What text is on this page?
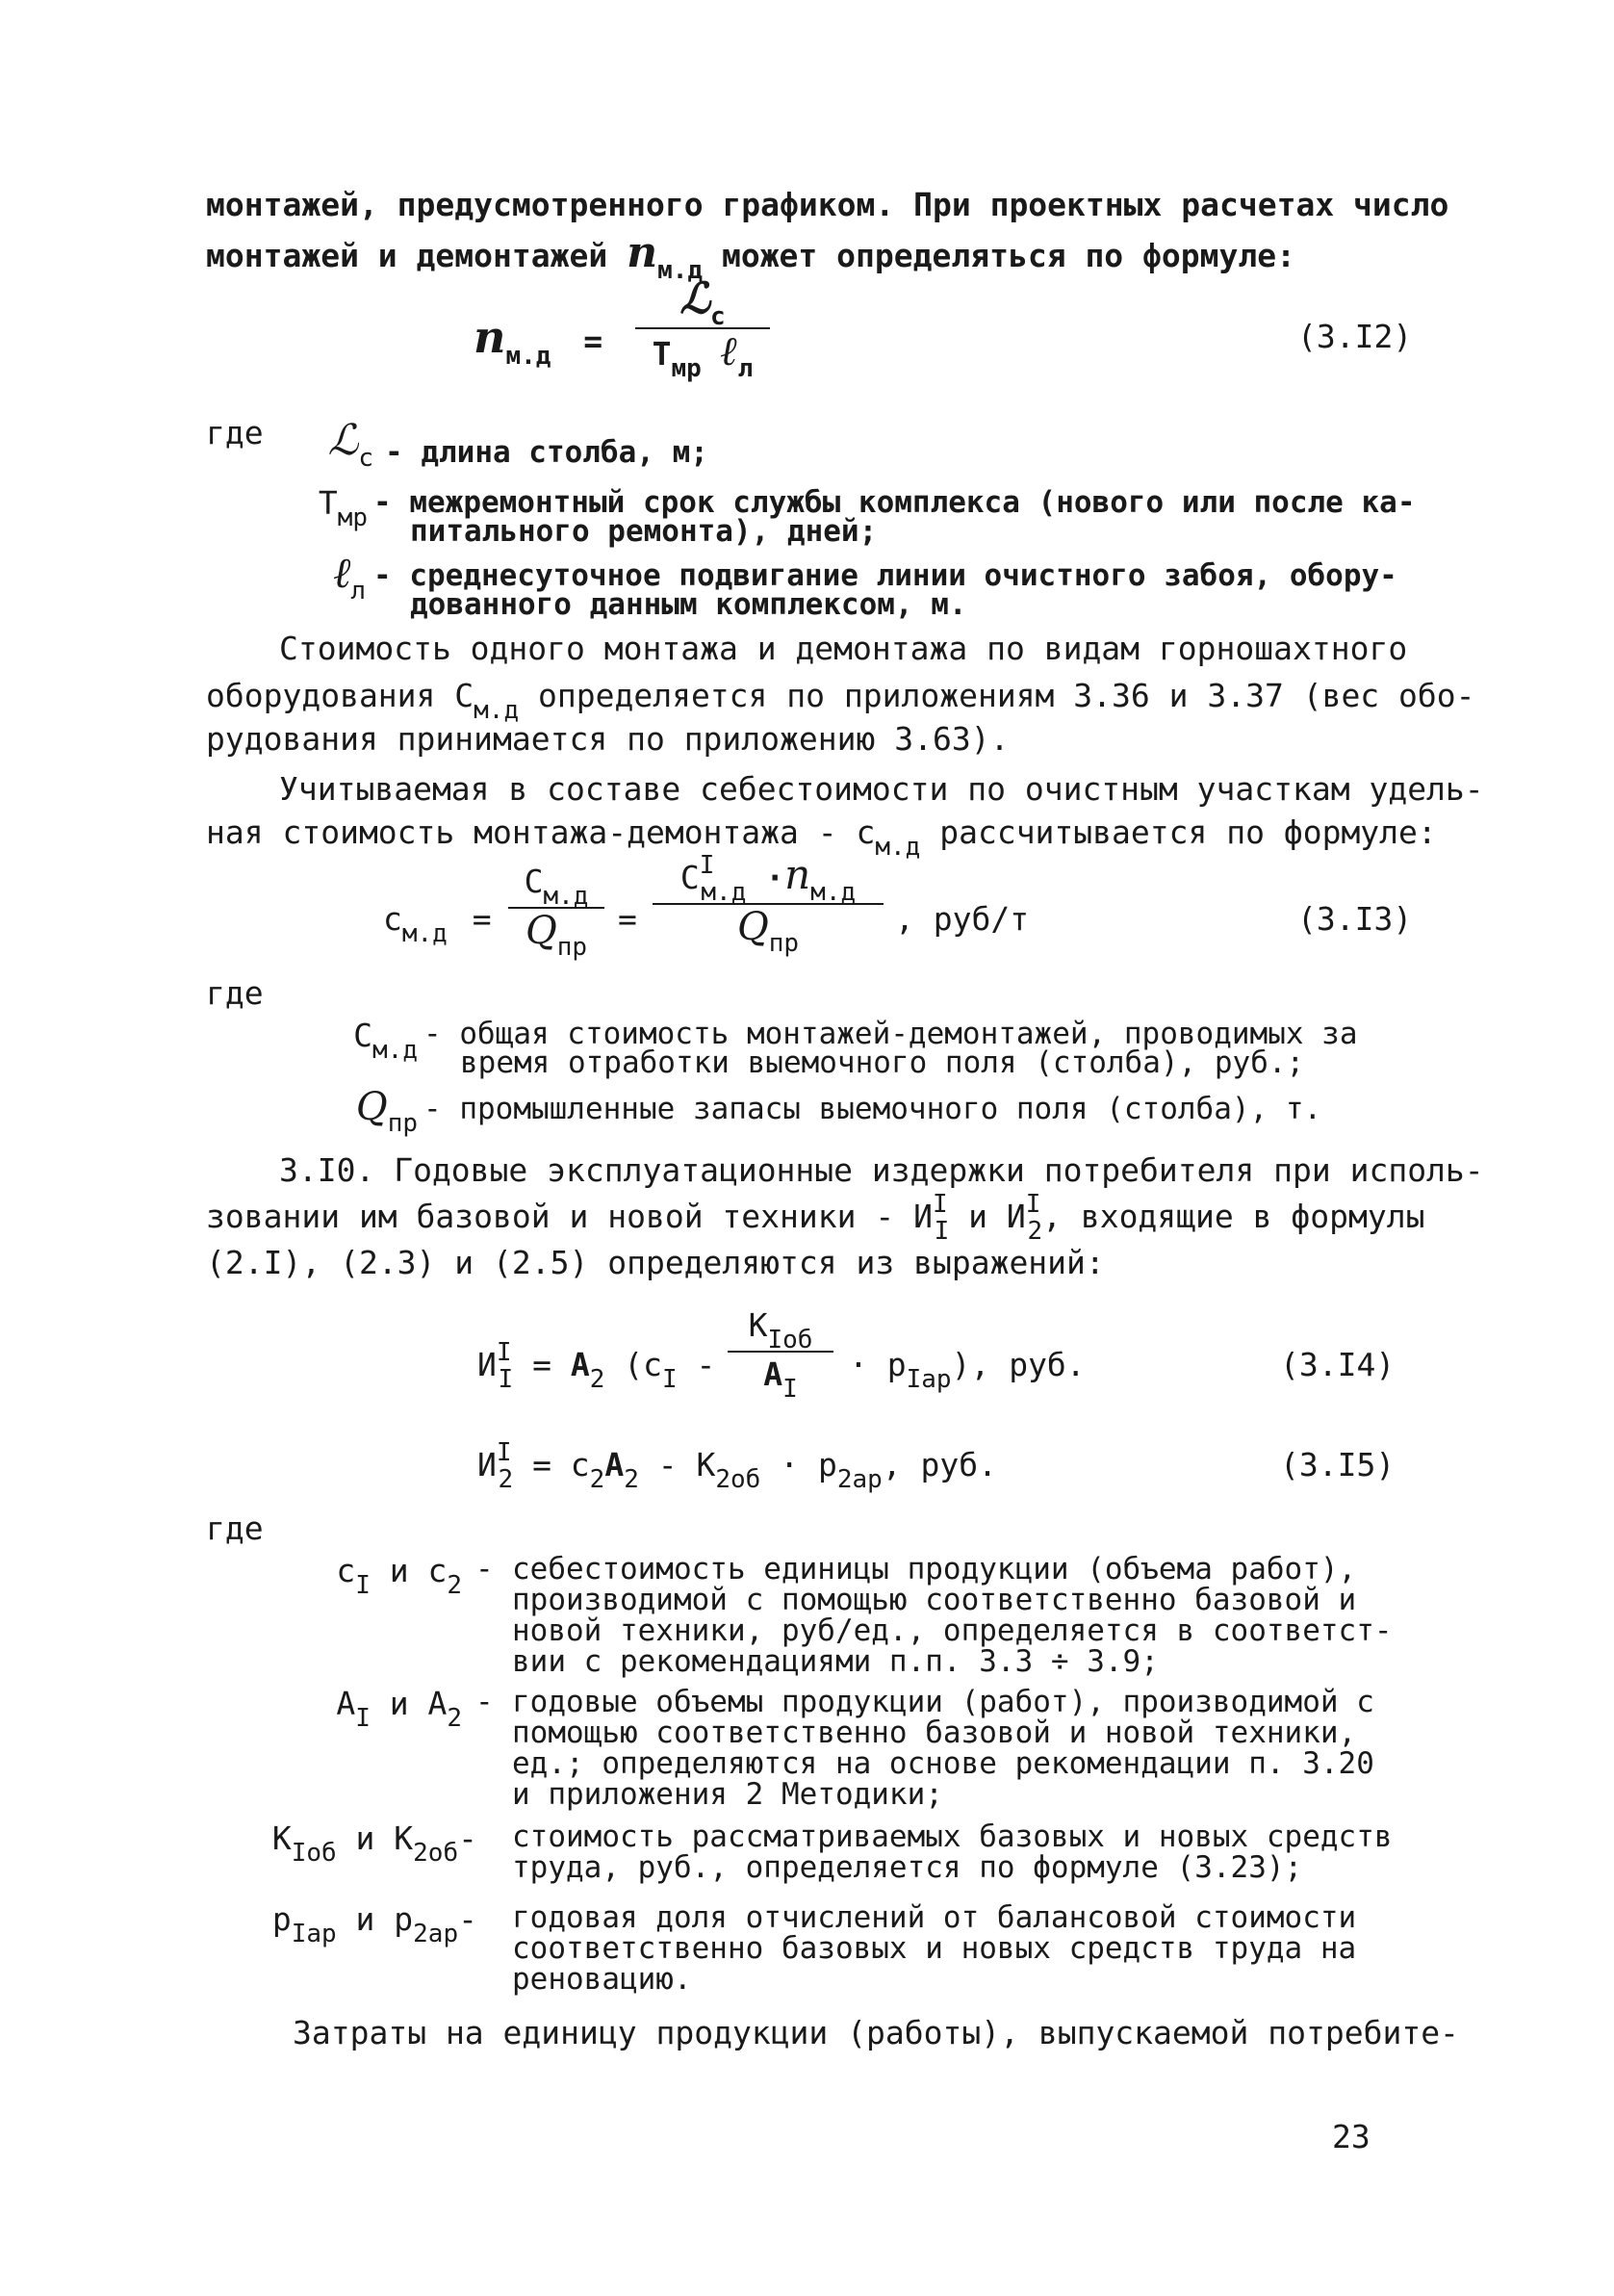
монтажей, предусмотренного графиком. При проектных расчетах число
монтажей и демонтажей $n_{м.д}$ может определяться по формуле:
$n_{м.д}$ =
ℒ$_с$
$Т_{мр}$ ℓ$_л$
(3.I2)
где	ℒ$_с$ - длина столба, м;
$Т_{мр}$ - межремонтный срок службы комплекса (нового или после ка-
питального ремонта), дней;
ℓ$_л$ - среднесуточное подвигание линии очистного забоя, обору-
дованного данным комплексом, м.
Стоимость одного монтажа и демонтажа по видам горношахтного
оборудования $С_{м.д}$ определяется по приложениям 3.36 и 3.37 (вес обо-
рудования принимается по приложению 3.63).
Учитываемая в составе себестоимости по очистным участкам удель-
ная стоимость монтажа-демонтажа - $с_{м.д}$ рассчитывается по формуле:
$с_{м.д}$ =
$С_{м.д}$
$Q_{пр}$
=
$С^I_{м.д} \cdot n_{м.д}$
$Q_{пр}$
, руб/т	(3.I3)
где
$С_{м.д}$ - общая стоимость монтажей-демонтажей, проводимых за
время отработки выемочного поля (столба), руб.;
$Q_{пр}$ - промышленные запасы выемочного поля (столба), т.
3.I0. Годовые эксплуатационные издержки потребителя при исполь-
зовании им базовой и новой техники - $И^I_I$ и $И^I_2$, входящие в формулы
(2.I), (2.3) и (2.5) определяются из выражений:
$И^I_I = А_2$ ($с_I$ -
$К_{Iоб}$
$А_I$
· $р_{Iар}$), руб.	(3.I4)
$И^I_2 = с_2А_2 - К_{2об} \cdot р_{2ар}$, руб.	(3.I5)
где
$с_I$ и $с_2$ - себестоимость единицы продукции (объема работ),
производимой с помощью соответственно базовой и
новой техники, руб/ед., определяется в соответст-
вии с рекомендациями п.п. 3.3 ÷ 3.9;
$А_I$ и $А_2$ - годовые объемы продукции (работ), производимой с
помощью соответственно базовой и новой техники,
ед.; определяются на основе рекомендации п. 3.20
и приложения 2 Методики;
$К_{Iоб}$ и $К_{2об}-$ стоимость рассматриваемых базовых и новых средств
труда, руб., определяется по формуле (3.23);
$р_{Iар}$ и $р_{2ар}-$ годовая доля отчислений от балансовой стоимости
соответственно базовых и новых средств труда на
реновацию.
Затраты на единицу продукции (работы), выпускаемой потребите-
23
